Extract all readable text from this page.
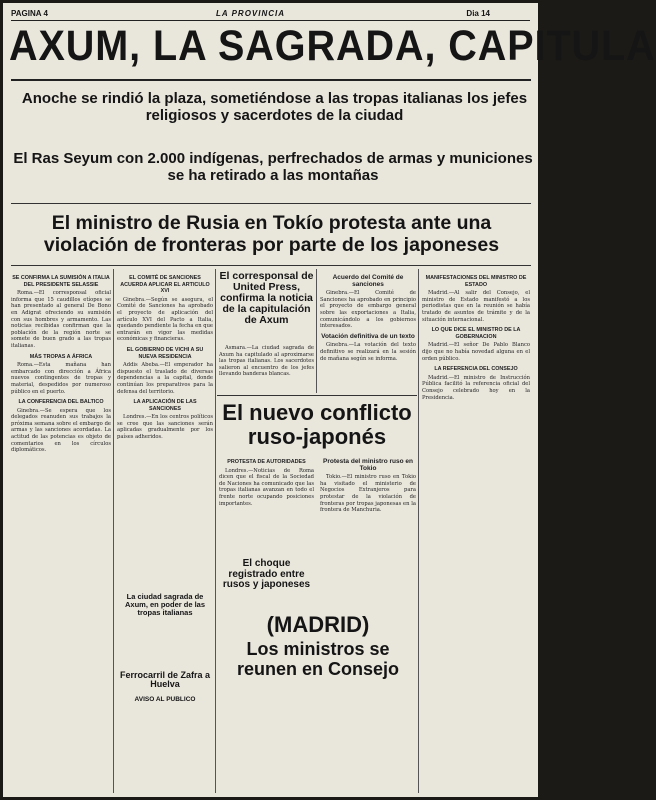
PAGINA 4	LA PROVINCIA	Dia 14
AXUM, LA SAGRADA, CAPITULA
Anoche se rindió la plaza, sometiéndose a las tropas italianas los jefes religiosos y sacerdotes de la ciudad
El Ras Seyum con 2.000 indígenas, perfrechados de armas y municiones se ha retirado a las montañas
El ministro de Rusia en Tokío protesta ante una violación de fronteras por parte de los japoneses
SE CONFIRMA LA SUMISIÓN A ITALIA DEL PRESIDENTE SELASSIE

Roma.—El corresponsal oficial informa que 15 caudillos etíopes se han presentado al general De Bono en Adigrat ofreciendo su sumisión con sus hombres y armamento. Las noticias recibidas confirman que la población de la región norte se somete de buen grado a las tropas italianas.

MÁS TROPAS A ÁFRICA

Roma.—Esta mañana han embarcado con dirección a África nuevos contingentes de tropas y material, despedidos por numeroso público en el puerto.

LA CONFERENCIA DEL BALTICO

Ginebra.—Se espera que los delegados reanuden sus trabajos la próxima semana sobre el embargo de armas y las sanciones acordadas. La actitud de las potencias es objeto de comentarios en los círculos diplomáticos.

EL COMITÉ DE SANCIONES ACUERDA APLICAR EL ARTICULO XVI

Ginebra.—Según se asegura, el Comité de Sanciones ha aprobado el proyecto de aplicación del artículo XVI del Pacto a Italia, quedando pendiente la fecha en que entrarán en vigor las medidas económicas y financieras.

EL GOBIERNO DE VICHI A SU NUEVA RESIDENCIA

Addis Abeba.—El emperador ha dispuesto el traslado de diversas dependencias a la capital, donde continúan los preparativos para la defensa del territorio.

LA APLICACIÓN DE LAS SANCIONES

Londres.—En los centros políticos se cree que las sanciones serán aplicadas gradualmente por los países adheridos.

El corresponsal de United Press, confirma la noticia de la capitulación de Axum

Asmara.—La ciudad sagrada de Axum ha capitulado al aproximarse las tropas italianas. Los sacerdotes salieron al encuentro de los jefes llevando banderas blancas.

Acuerdo del Comité de sanciones

Ginebra.—El Comité de Sanciones ha aprobado en principio el proyecto de embargo general sobre las exportaciones a Italia, comunicándolo a los gobiernos interesados.

Votación definitiva de un texto

Ginebra.—La votación del texto definitivo se realizará en la sesión de mañana según se informa.

El nuevo conflicto ruso-japonés
PROTESTA DE AUTORIDADES

Londres.—Noticias de Roma dicen que el fiscal de la Sociedad de Naciones ha comunicado que las tropas italianas avanzan en todo el frente norte ocupando posiciones importantes.

Protesta del ministro ruso en Tokio

Tokio.—El ministro ruso en Tokio ha visitado el ministerio de Negocios Extranjeros para protestar de la violación de fronteras por tropas japonesas en la frontera de Manchuria.

El choque registrado entre rusos y japoneses
La ciudad sagrada de Axum, en poder de las tropas italianas	(MADRID)
Los ministros se reunen en Consejo
Ferrocarril de Zafra a Huelva
AVISO AL PUBLICO
MANIFESTACIONES DEL MINISTRO DE ESTADO

Madrid.—Al salir del Consejo, el ministro de Estado manifestó a los periodistas que en la reunión se había tratado de asuntos de trámite y de la situación internacional.

LO QUE DICE EL MINISTRO DE LA GOBERNACION

Madrid.—El señor De Pablo Blanco dijo que no había novedad alguna en el orden público.

LA REFERENCIA DEL CONSEJO

Madrid.—El ministro de Instrucción Pública facilitó la referencia oficial del Consejo celebrado hoy en la Presidencia.
